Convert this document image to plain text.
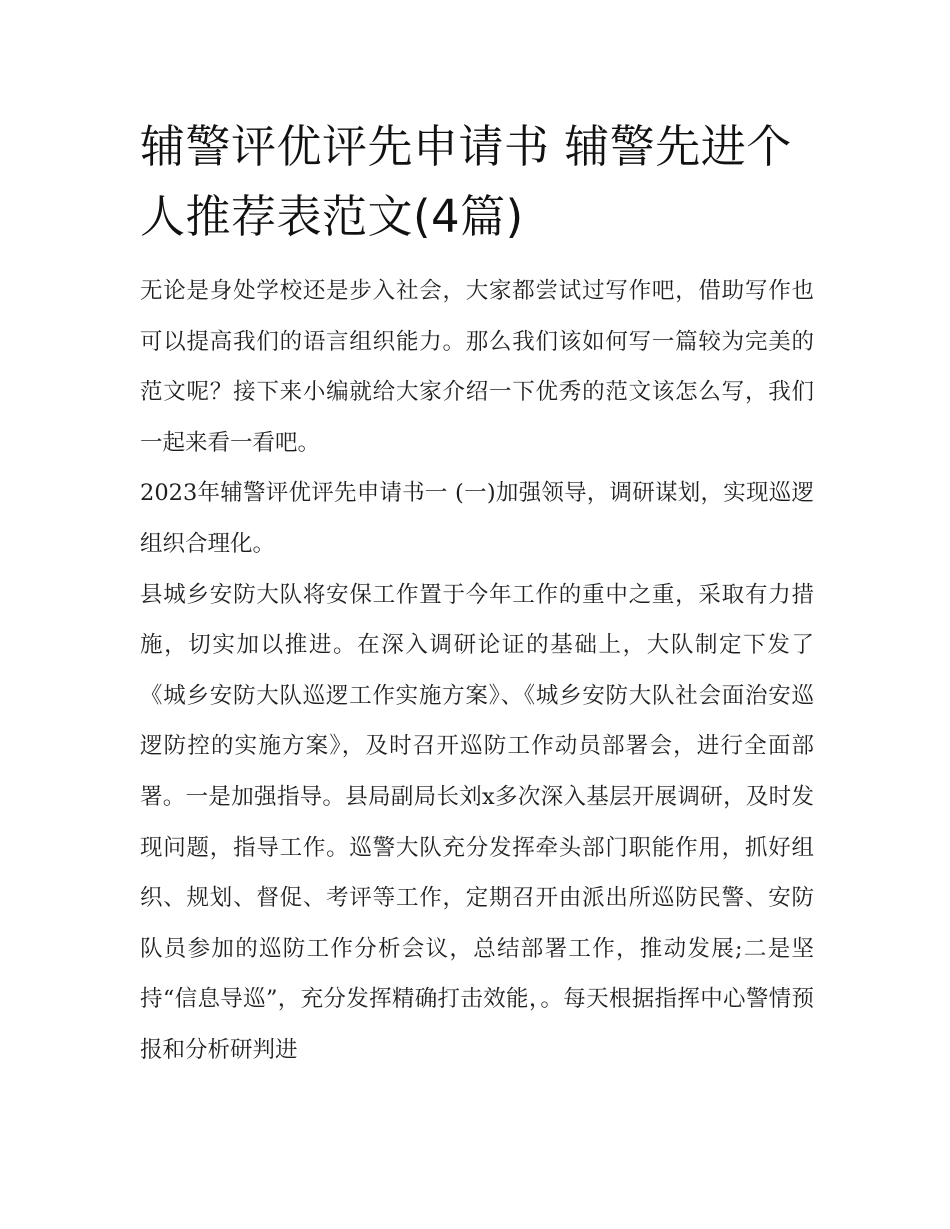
辅警评优评先申请书 辅警先进个人推荐表范文(4篇)

无论是身处学校还是步入社会，大家都尝试过写作吧，借助写作也可以提高我们的语言组织能力。那么我们该如何写一篇较为完美的范文呢？接下来小编就给大家介绍一下优秀的范文该怎么写，我们一起来看一看吧。

2023年辅警评优评先申请书一 (一)加强领导，调研谋划，实现巡逻组织合理化。

县城乡安防大队将安保工作置于今年工作的重中之重，采取有力措施，切实加以推进。在深入调研论证的基础上，大队制定下发了《城乡安防大队巡逻工作实施方案》、《城乡安防大队社会面治安巡逻防控的实施方案》，及时召开巡防工作动员部署会，进行全面部署。一是加强指导。县局副局长刘x多次深入基层开展调研，及时发现问题，指导工作。巡警大队充分发挥牵头部门职能作用，抓好组织、规划、督促、考评等工作，定期召开由派出所巡防民警、安防队员参加的巡防工作分析会议，总结部署工作，推动发展;二是坚持“信息导巡”，充分发挥精确打击效能，。每天根据指挥中心警情预报和分析研判进
